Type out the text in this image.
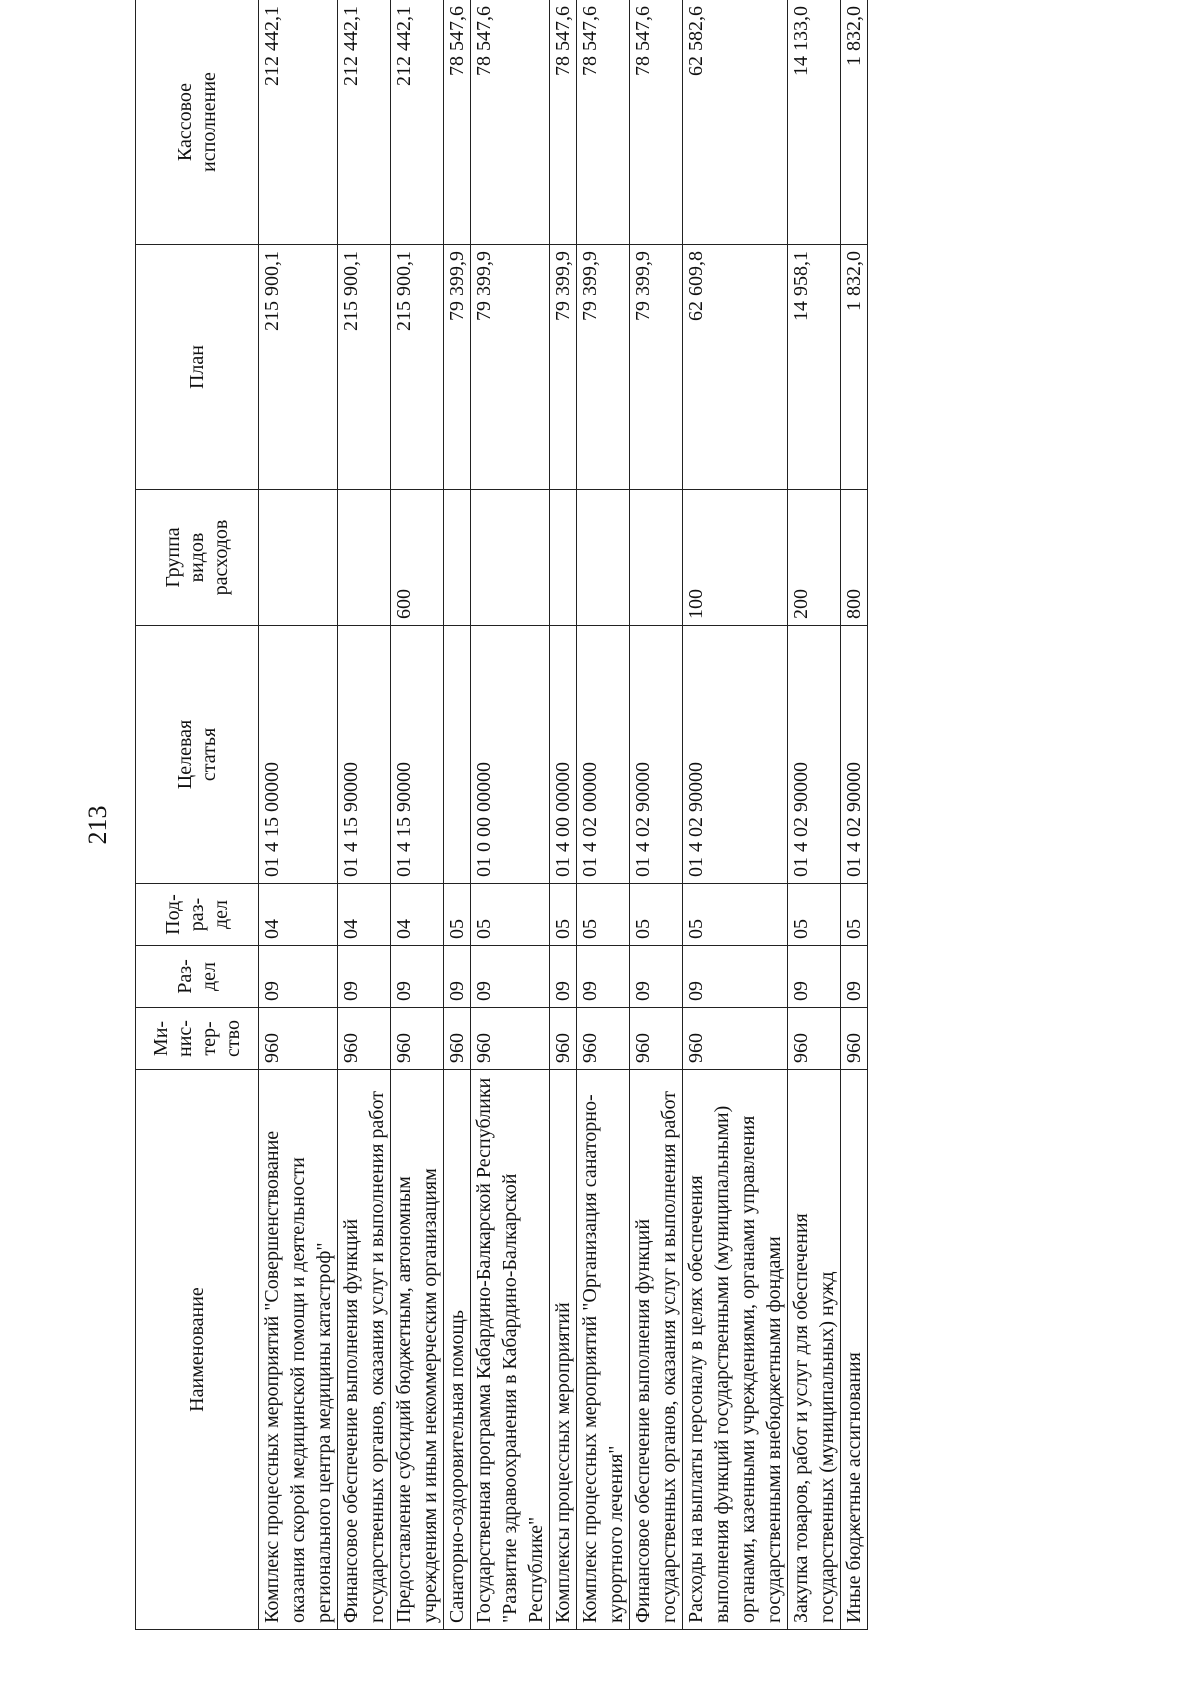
213
Наименование	Ми-
нис-
тер-
ство	Раз-
дел	Под-
раз-
дел	Целевая
статья	Группа
видов
расходов	План	Кассовое
исполнение
Комплекс процессных мероприятий "Совершенствование оказания скорой медицинской помощи и деятельности регионального центра медицины катастроф"	960	09	04	01 4 15 00000		215 900,1	212 442,1
Финансовое обеспечение выполнения функций государственных органов, оказания услуг и выполнения работ	960	09	04	01 4 15 90000		215 900,1	212 442,1
Предоставление субсидий бюджетным, автономным учреждениям и иным некоммерческим организациям	960	09	04	01 4 15 90000	600	215 900,1	212 442,1
Санаторно-оздоровительная помощь	960	09	05			79 399,9	78 547,6
Государственная программа Кабардино-Балкарской Республики "Развитие здравоохранения в Кабардино-Балкарской Республике"	960	09	05	01 0 00 00000		79 399,9	78 547,6
Комплексы процессных мероприятий	960	09	05	01 4 00 00000		79 399,9	78 547,6
Комплекс процессных мероприятий "Организация санаторно-курортного лечения"	960	09	05	01 4 02 00000		79 399,9	78 547,6
Финансовое обеспечение выполнения функций государственных органов, оказания услуг и выполнения работ	960	09	05	01 4 02 90000		79 399,9	78 547,6
Расходы на выплаты персоналу в целях обеспечения выполнения функций государственными (муниципальными) органами, казенными учреждениями, органами управления государственными внебюджетными фондами	960	09	05	01 4 02 90000	100	62 609,8	62 582,6
Закупка товаров, работ и услуг для обеспечения государственных (муниципальных) нужд	960	09	05	01 4 02 90000	200	14 958,1	14 133,0
Иные бюджетные ассигнования	960	09	05	01 4 02 90000	800	1 832,0	1 832,0
